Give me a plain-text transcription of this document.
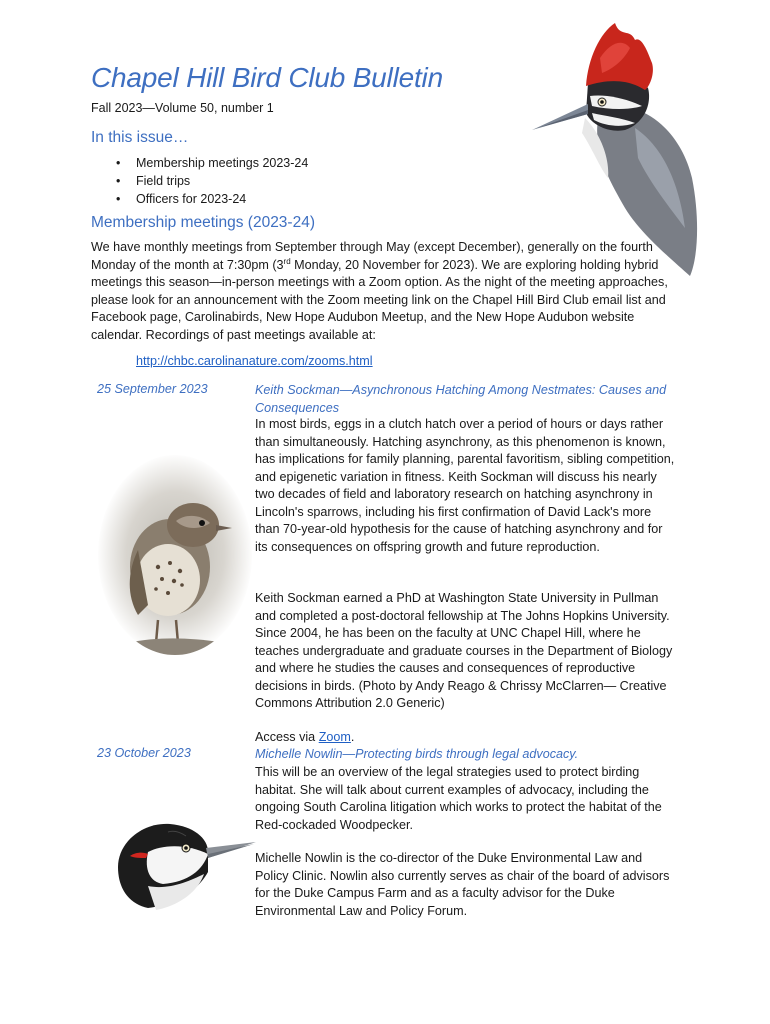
Chapel Hill Bird Club Bulletin
Fall 2023—Volume 50, number 1
In this issue…
• Membership meetings 2023-24
• Field trips
• Officers for 2023-24
Membership meetings (2023-24)
We have monthly meetings from September through May (except December), generally on the fourth
Monday of the month at 7:30pm (3rd Monday, 20 November for 2023). We are exploring holding hybrid
meetings this season—in-person meetings with a Zoom option. As the night of the meeting approaches, please look for an announcement with the Zoom meeting link on the Chapel Hill Bird Club email list and Facebook page, Carolinabirds, New Hope Audubon Meetup, and the New Hope Audubon website calendar. Recordings of past meetings available at:
http://chbc.carolinanature.com/zooms.html
25 September 2023	Keith Sockman—Asynchronous Hatching Among Nestmates: Causes and Consequences

In most birds, eggs in a clutch hatch over a period of hours or days rather than simultaneously. Hatching asynchrony, as this phenomenon is known, has implications for family planning, parental favoritism, sibling competition, and epigenetic variation in fitness. Keith Sockman will discuss his nearly two decades of field and laboratory research on hatching asynchrony in Lincoln's sparrows, including his first confirmation of David Lack's more than 70-year-old hypothesis for the cause of hatching asynchrony and for its consequences on offspring growth and future reproduction.

Keith Sockman earned a PhD at Washington State University in Pullman and completed a post-doctoral fellowship at The Johns Hopkins University. Since 2004, he has been on the faculty at UNC Chapel Hill, where he teaches undergraduate and graduate courses in the Department of Biology and where he studies the causes and consequences of reproductive decisions in birds. (Photo by Andy Reago & Chrissy McClarren— Creative Commons Attribution 2.0 Generic)

Access via Zoom.
23 October 2023	Michelle Nowlin—Protecting birds through legal advocacy.

This will be an overview of the legal strategies used to protect birding habitat. She will talk about current examples of advocacy, including the ongoing South Carolina litigation which works to protect the habitat of the Red-cockaded Woodpecker.

Michelle Nowlin is the co-director of the Duke Environmental Law and Policy Clinic. Nowlin also currently serves as chair of the board of advisors for the Duke Campus Farm and as a faculty advisor for the Duke Environmental Law and Policy Forum.
